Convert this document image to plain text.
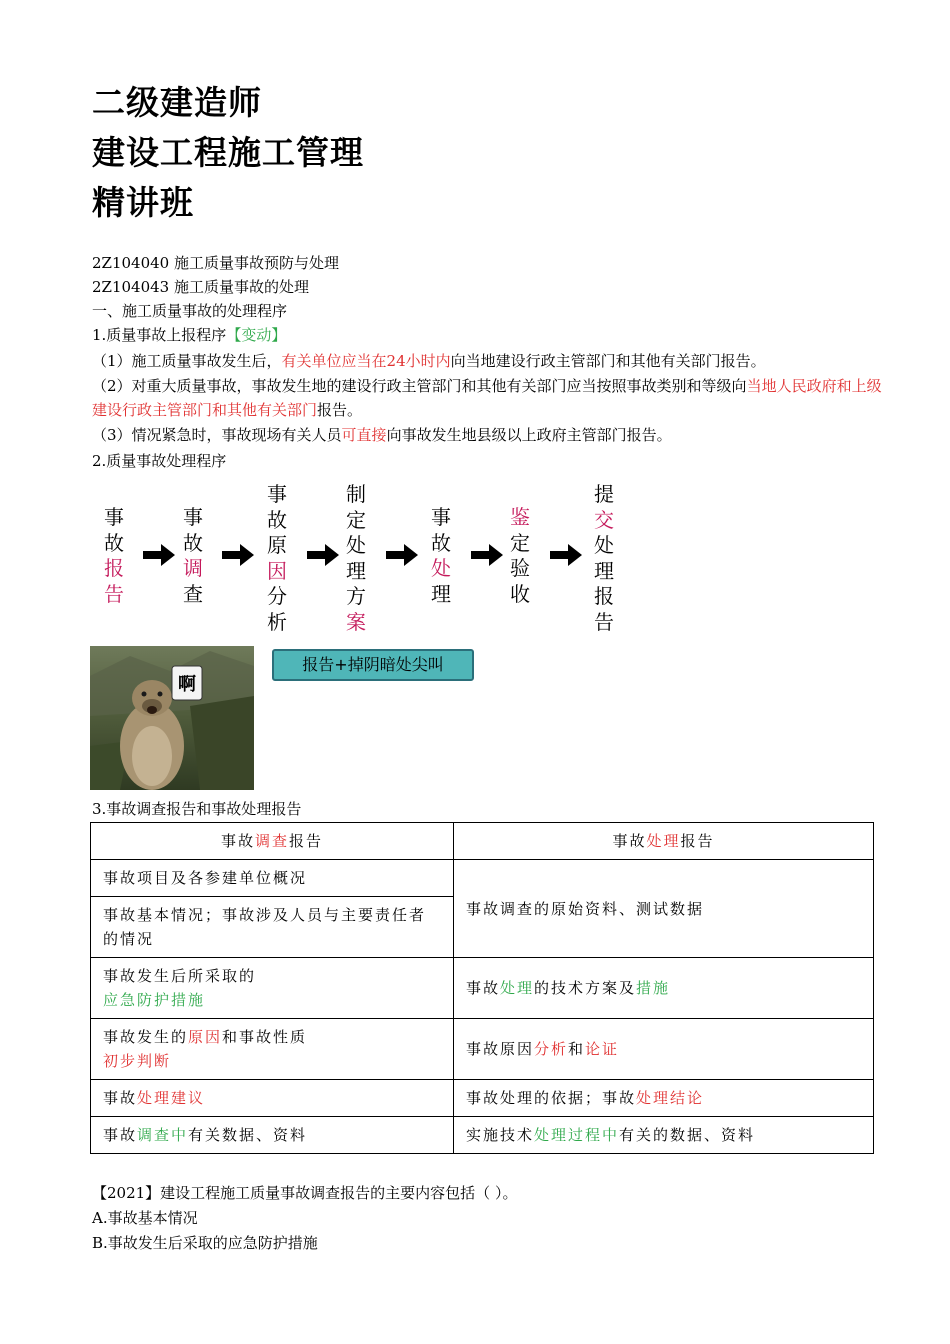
二级建造师
建设工程施工管理
精讲班
2Z104040 施工质量事故预防与处理
2Z104043 施工质量事故的处理
一、施工质量事故的处理程序
1.质量事故上报程序【变动】
（1）施工质量事故发生后，有关单位应当在24小时内向当地建设行政主管部门和其他有关部门报告。
（2）对重大质量事故，事故发生地的建设行政主管部门和其他有关部门应当按照事故类别和等级向当地人民政府和上级建设行政主管部门和其他有关部门报告。
（3）情况紧急时，事故现场有关人员可直接向事故发生地县级以上政府主管部门报告。
2.质量事故处理程序
事
故
报
告
事
故
调
查
事
故
原
因
分
析
制
定
处
理
方
案
事
故
处
理
鉴
定
验
收
提
交
处
理
报
告
啊
报告+掉阴暗处尖叫
3.事故调查报告和事故处理报告
事故调查报告	事故处理报告
事故项目及各参建单位概况	事故调查的原始资料、测试数据
事故基本情况；事故涉及人员与主要责任者的情况	
事故发生后所采取的
应急防护措施	事故处理的技术方案及措施
事故发生的原因和事故性质
初步判断	事故原因分析和论证
事故处理建议	事故处理的依据；事故处理结论
事故调查中有关数据、资料	实施技术处理过程中有关的数据、资料
【2021】建设工程施工质量事故调查报告的主要内容包括（ ）。
A.事故基本情况
B.事故发生后采取的应急防护措施
